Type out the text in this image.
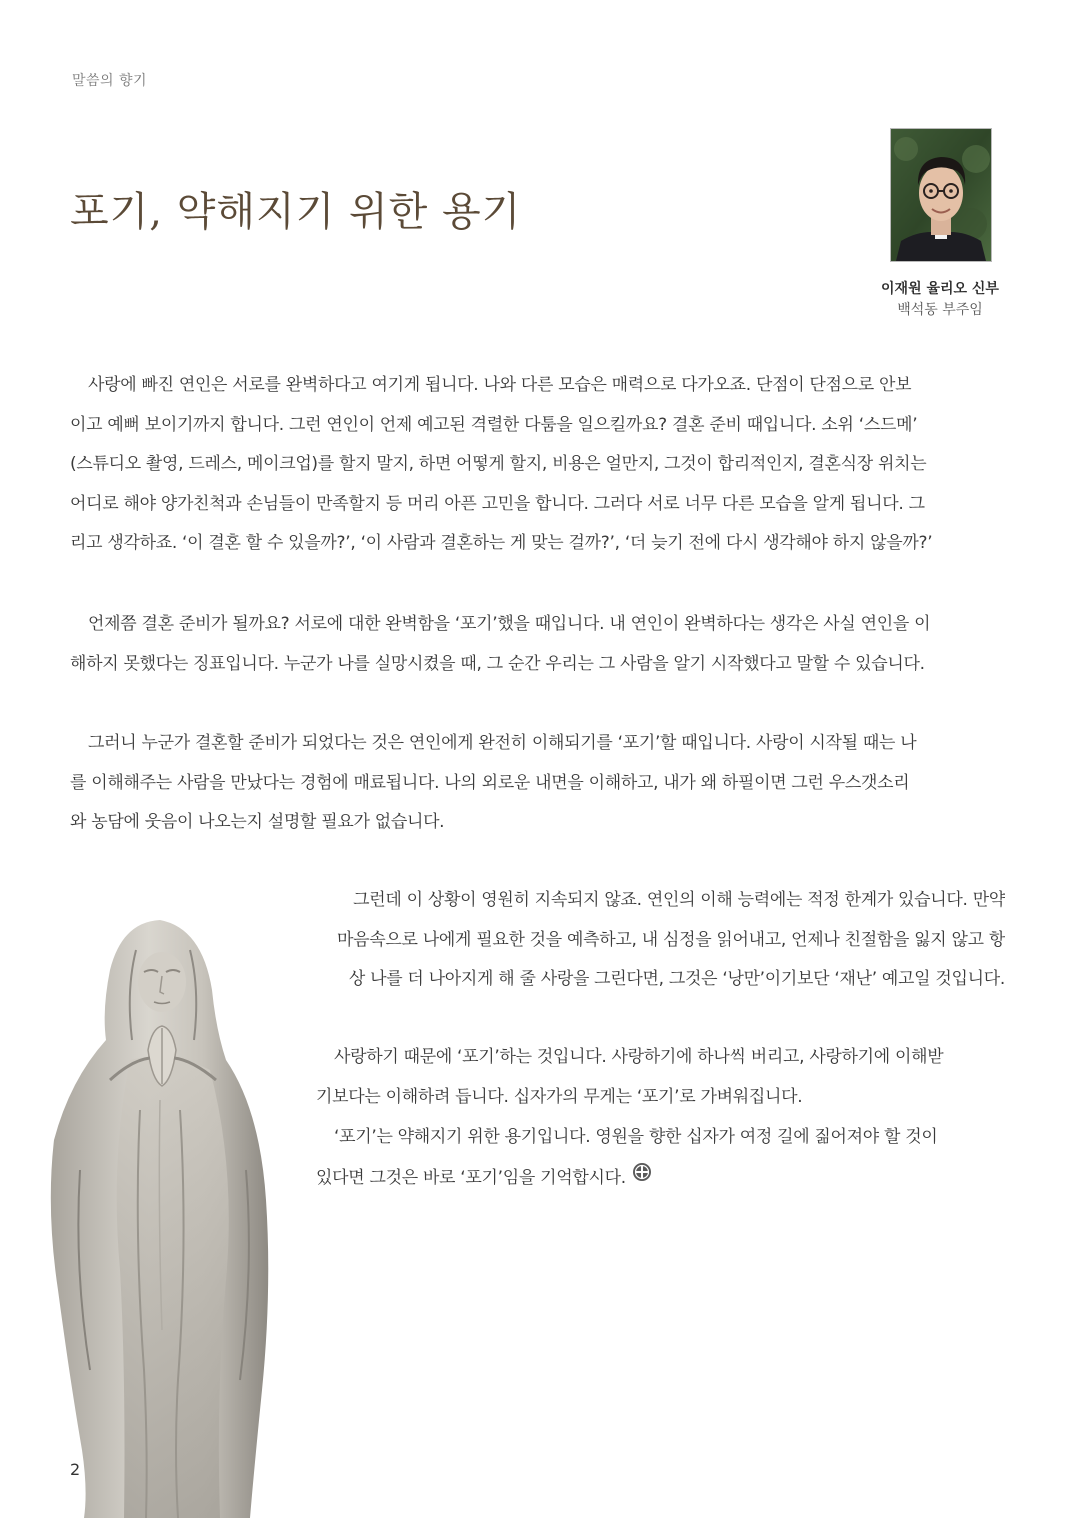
말씀의 향기
포기, 약해지기 위한 용기
이재원 율리오 신부
백석동 부주임

사랑에 빠진 연인은 서로를 완벽하다고 여기게 됩니다. 나와 다른 모습은 매력으로 다가오죠. 단점이 단점으로 안보
이고 예뻐 보이기까지 합니다. 그런 연인이 언제 예고된 격렬한 다툼을 일으킬까요? 결혼 준비 때입니다. 소위 ‘스드메’
(스튜디오 촬영, 드레스, 메이크업)를 할지 말지, 하면 어떻게 할지, 비용은 얼만지, 그것이 합리적인지, 결혼식장 위치는
어디로 해야 양가친척과 손님들이 만족할지 등 머리 아픈 고민을 합니다. 그러다 서로 너무 다른 모습을 알게 됩니다. 그
리고 생각하죠. ‘이 결혼 할 수 있을까?’, ‘이 사람과 결혼하는 게 맞는 걸까?’, ‘더 늦기 전에 다시 생각해야 하지 않을까?’

언제쯤 결혼 준비가 될까요? 서로에 대한 완벽함을 ‘포기’했을 때입니다. 내 연인이 완벽하다는 생각은 사실 연인을 이
해하지 못했다는 징표입니다. 누군가 나를 실망시켰을 때, 그 순간 우리는 그 사람을 알기 시작했다고 말할 수 있습니다.

그러니 누군가 결혼할 준비가 되었다는 것은 연인에게 완전히 이해되기를 ‘포기’할 때입니다. 사랑이 시작될 때는 나
를 이해해주는 사람을 만났다는 경험에 매료됩니다. 나의 외로운 내면을 이해하고, 내가 왜 하필이면 그런 우스갯소리
와 농담에 웃음이 나오는지 설명할 필요가 없습니다.

그런데 이 상황이 영원히 지속되지 않죠. 연인의 이해 능력에는 적정 한계가 있습니다. 만약
마음속으로 나에게 필요한 것을 예측하고, 내 심정을 읽어내고, 언제나 친절함을 잃지 않고 항
상 나를 더 나아지게 해 줄 사랑을 그린다면, 그것은 ‘낭만’이기보단 ‘재난’ 예고일 것입니다.

사랑하기 때문에 ‘포기’하는 것입니다. 사랑하기에 하나씩 버리고, 사랑하기에 이해받
기보다는 이해하려 듭니다. 십자가의 무게는 ‘포기’로 가벼워집니다.

‘포기’는 약해지기 위한 용기입니다. 영원을 향한 십자가 여정 길에 짊어져야 할 것이
있다면 그것은 바로 ‘포기’임을 기억합시다.

2
